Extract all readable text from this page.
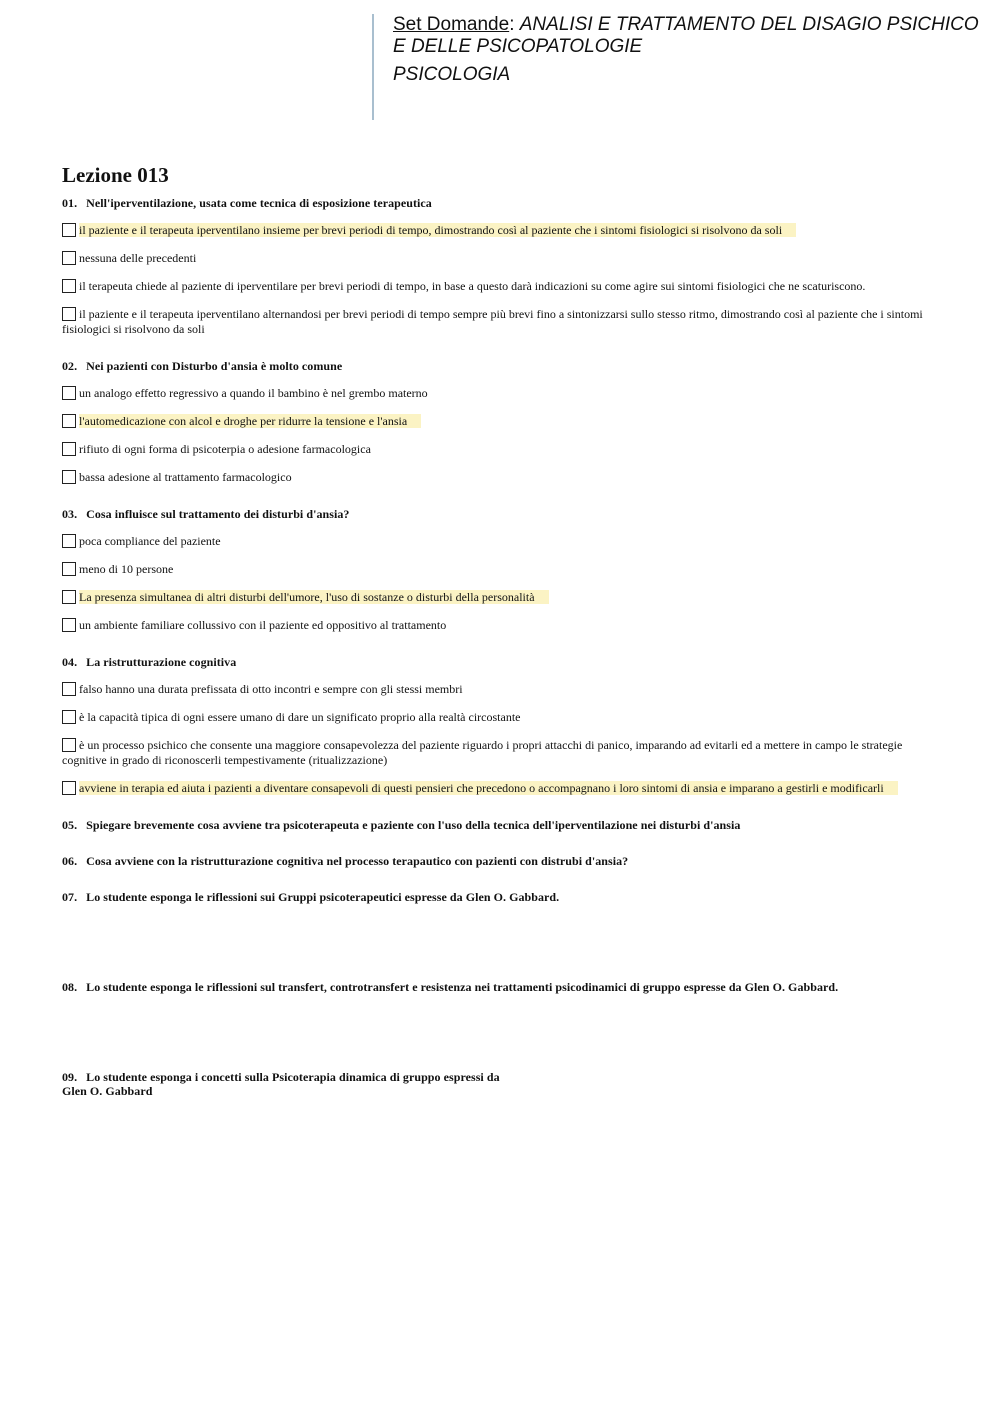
Set Domande: ANALISI E TRATTAMENTO DEL DISAGIO PSICHICO E DELLE PSICOPATOLOGIE
PSICOLOGIA
Lezione 013
01. Nell'iperventilazione, usata come tecnica di esposizione terapeutica
il paziente e il terapeuta iperventilano insieme per brevi periodi di tempo, dimostrando così al paziente che i sintomi fisiologici si risolvono da soli
nessuna delle precedenti
il terapeuta chiede al paziente di iperventilare per brevi periodi di tempo, in base a questo darà indicazioni su come agire sui sintomi fisiologici che ne scaturiscono.
il paziente e il terapeuta iperventilano alternandosi per brevi periodi di tempo sempre più brevi fino a sintonizzarsi sullo stesso ritmo, dimostrando così al paziente che i sintomi fisiologici si risolvono da soli
02. Nei pazienti con Disturbo d'ansia è molto comune
un analogo effetto regressivo a quando il bambino è nel grembo materno
l'automedicazione con alcol e droghe per ridurre la tensione e l'ansia
rifiuto di ogni forma di psicoterpia o adesione farmacologica
bassa adesione al trattamento farmacologico
03. Cosa influisce sul trattamento dei disturbi d'ansia?
poca compliance del paziente
meno di 10 persone
La presenza simultanea di altri disturbi dell'umore, l'uso di sostanze o disturbi della personalità
un ambiente familiare collussivo con il paziente ed oppositivo al trattamento
04. La ristrutturazione cognitiva
falso hanno una durata prefissata di otto incontri e sempre con gli stessi membri
è la capacità tipica di ogni essere umano di dare un significato proprio alla realtà circostante
è un processo psichico che consente una maggiore consapevolezza del paziente riguardo i propri attacchi di panico, imparando ad evitarli ed a mettere in campo le strategie cognitive in grado di riconoscerli tempestivamente (ritualizzazione)
avviene in terapia ed aiuta i pazienti a diventare consapevoli di questi pensieri che precedono o accompagnano i loro sintomi di ansia e imparano a gestirli e modificarli
05. Spiegare brevemente cosa avviene tra psicoterapeuta e paziente con l'uso della tecnica dell'iperventilazione nei disturbi d'ansia
06. Cosa avviene con la ristrutturazione cognitiva nel processo terapautico con pazienti con distrubi d'ansia?
07. Lo studente esponga le riflessioni sui Gruppi psicoterapeutici espresse da Glen O. Gabbard.
08. Lo studente esponga le riflessioni sul transfert, controtransfert e resistenza nei trattamenti psicodinamici di gruppo espresse da Glen O. Gabbard.
09. Lo studente esponga i concetti sulla Psicoterapia dinamica di gruppo espressi da
Glen O. Gabbard
